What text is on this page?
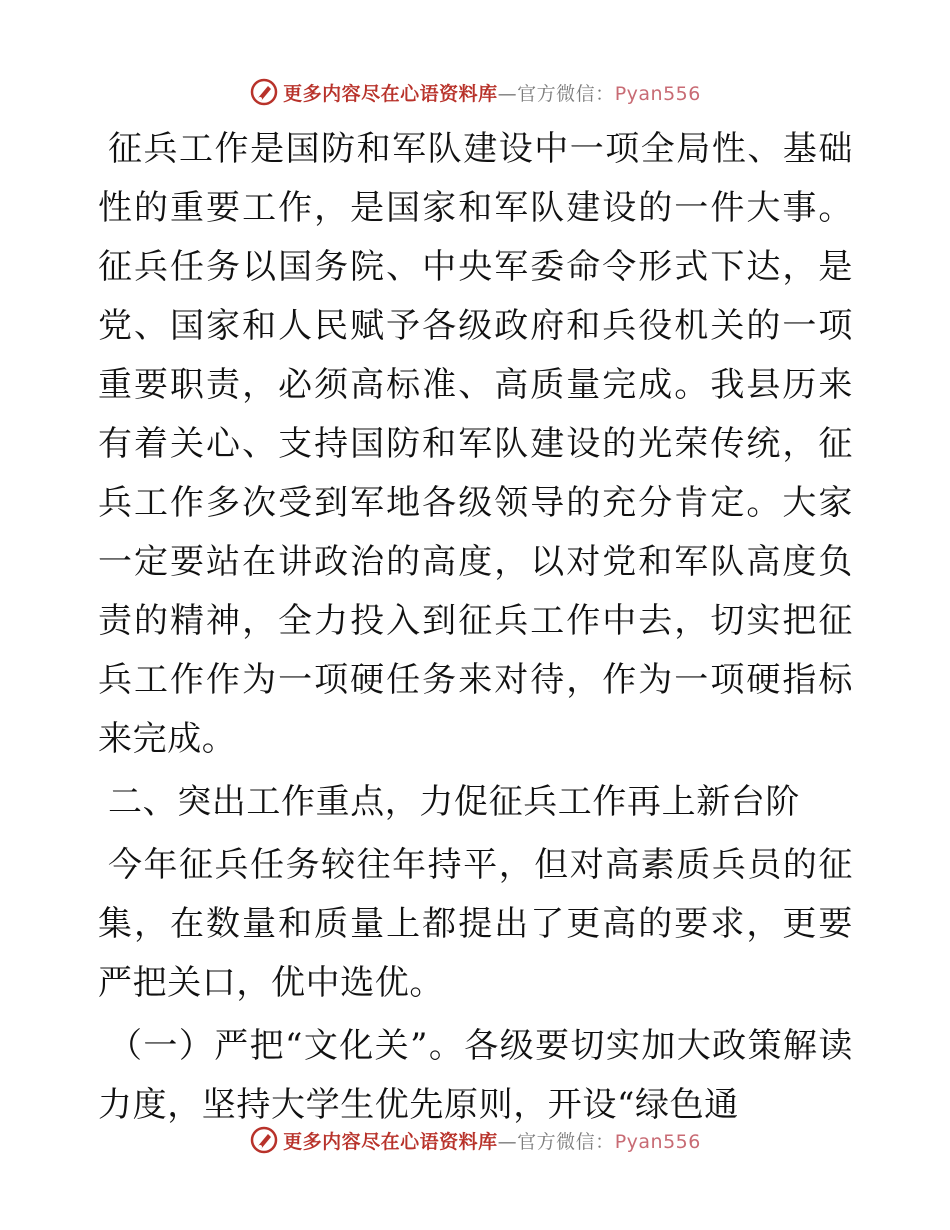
更多内容尽在心语资料库—官方微信：Pyan556

征兵工作是国防和军队建设中一项全局性、基础性的重要工作，是国家和军队建设的一件大事。征兵任务以国务院、中央军委命令形式下达，是党、国家和人民赋予各级政府和兵役机关的一项重要职责，必须高标准、高质量完成。我县历来有着关心、支持国防和军队建设的光荣传统，征兵工作多次受到军地各级领导的充分肯定。大家一定要站在讲政治的高度，以对党和军队高度负责的精神，全力投入到征兵工作中去，切实把征兵工作作为一项硬任务来对待，作为一项硬指标来完成。

二、突出工作重点，力促征兵工作再上新台阶

今年征兵任务较往年持平，但对高素质兵员的征集，在数量和质量上都提出了更高的要求，更要严把关口，优中选优。

（一）严把“文化关”。各级要切实加大政策解读力度，坚持大学生优先原则，开设“绿色通

更多内容尽在心语资料库—官方微信：Pyan556
